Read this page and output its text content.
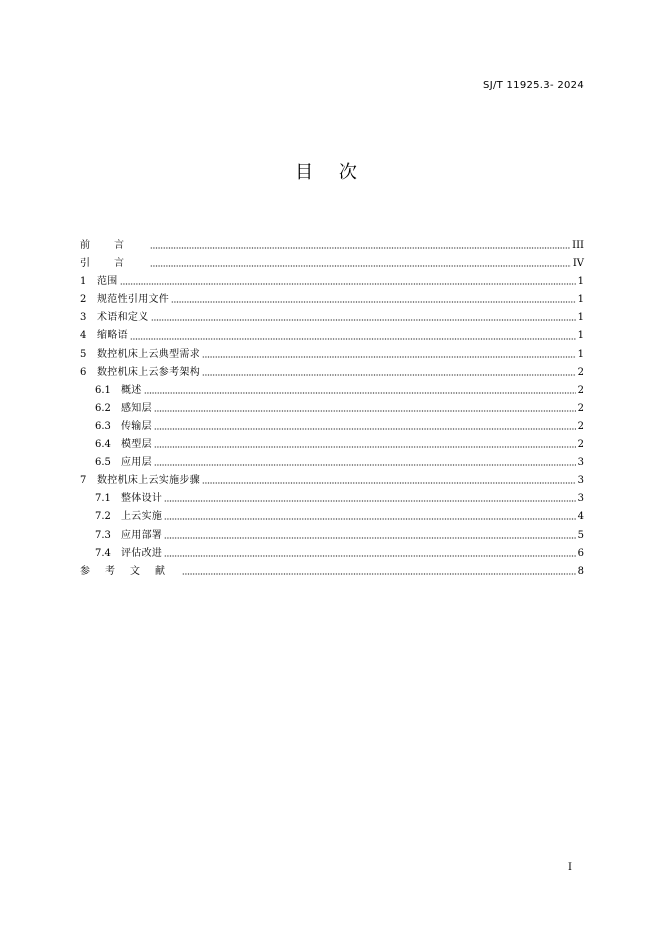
SJ/T 11925.3- 2024
目 次
前言	III
引言	IV
1	范围	1
2	规范性引用文件	1
3	术语和定义	1
4	缩略语	1
5	数控机床上云典型需求	1
6	数控机床上云参考架构	2
6.1	概述	2
6.2	感知层	2
6.3	传输层	2
6.4	模型层	2
6.5	应用层	3
7	数控机床上云实施步骤	3
7.1	整体设计	3
7.2	上云实施	4
7.3	应用部署	5
7.4	评估改进	6
参考文献	8
I
